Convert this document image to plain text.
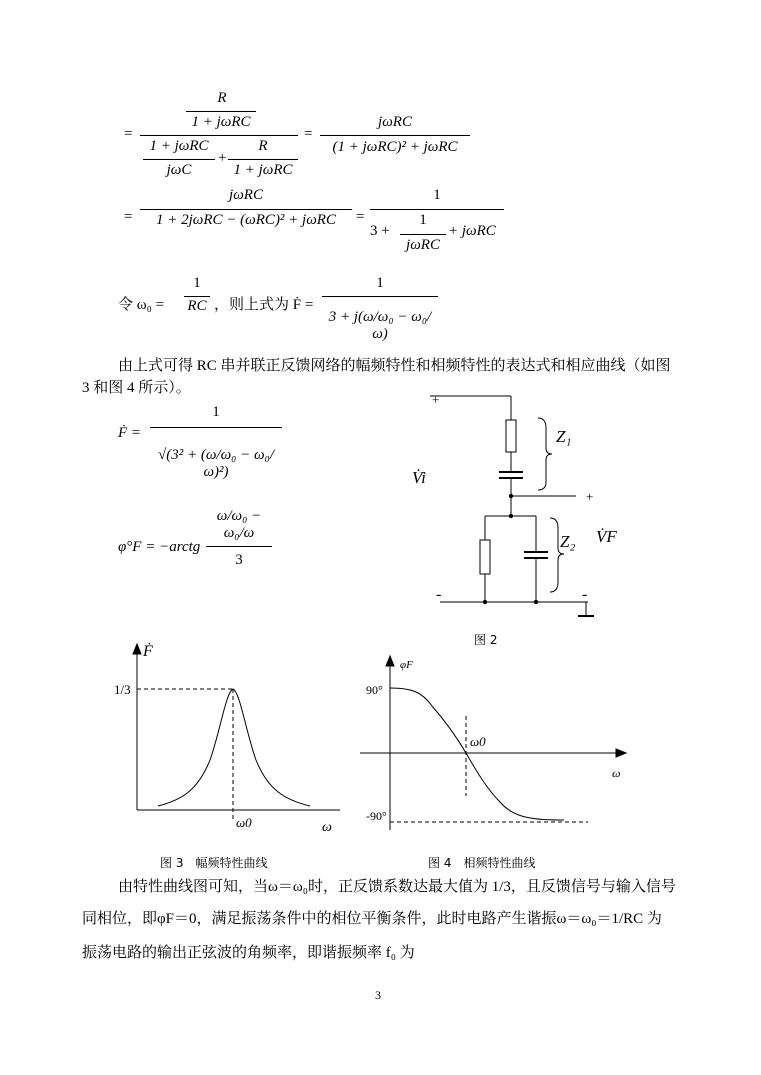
R
1 + jωRC
=
1 + jωRC
jωC
+
R
1 + jωRC
=
jωRC
(1 + jωRC)² + jωRC
=
jωRC
1 + 2jωRC − (ωRC)² + jωRC	=
1
3 +
1
jωRC
+ jωRC
令 ω₀ =
1
RC ，则上式为 Ḟ =
1
3 + j(ω/ω₀ − ω₀/ω)
由上式可得 RC 串并联正反馈网络的幅频特性和相频特性的表达式和相应曲线（如图
3 和图 4 所示）。
Ḟ =
1
√(3² + (ω/ω₀ − ω₀/ω)²)
φ°F = −arctg
ω/ω₀ − ω₀/ω
3
+
Z₁
V̇i
+
Z₂ V̇F
-	-
图 2
Ḟ
1/3
ω0	ω
图 3　幅频特性曲线
φF
90°
ω0
ω
-90°
图 4　相频特性曲线
由特性曲线图可知，当ω＝ω₀时，正反馈系数达最大值为 1/3，且反馈信号与输入信号
同相位，即φF＝0，满足振荡条件中的相位平衡条件，此时电路产生谐振ω＝ω₀＝1/RC 为
振荡电路的输出正弦波的角频率，即谐振频率 f₀ 为
3
